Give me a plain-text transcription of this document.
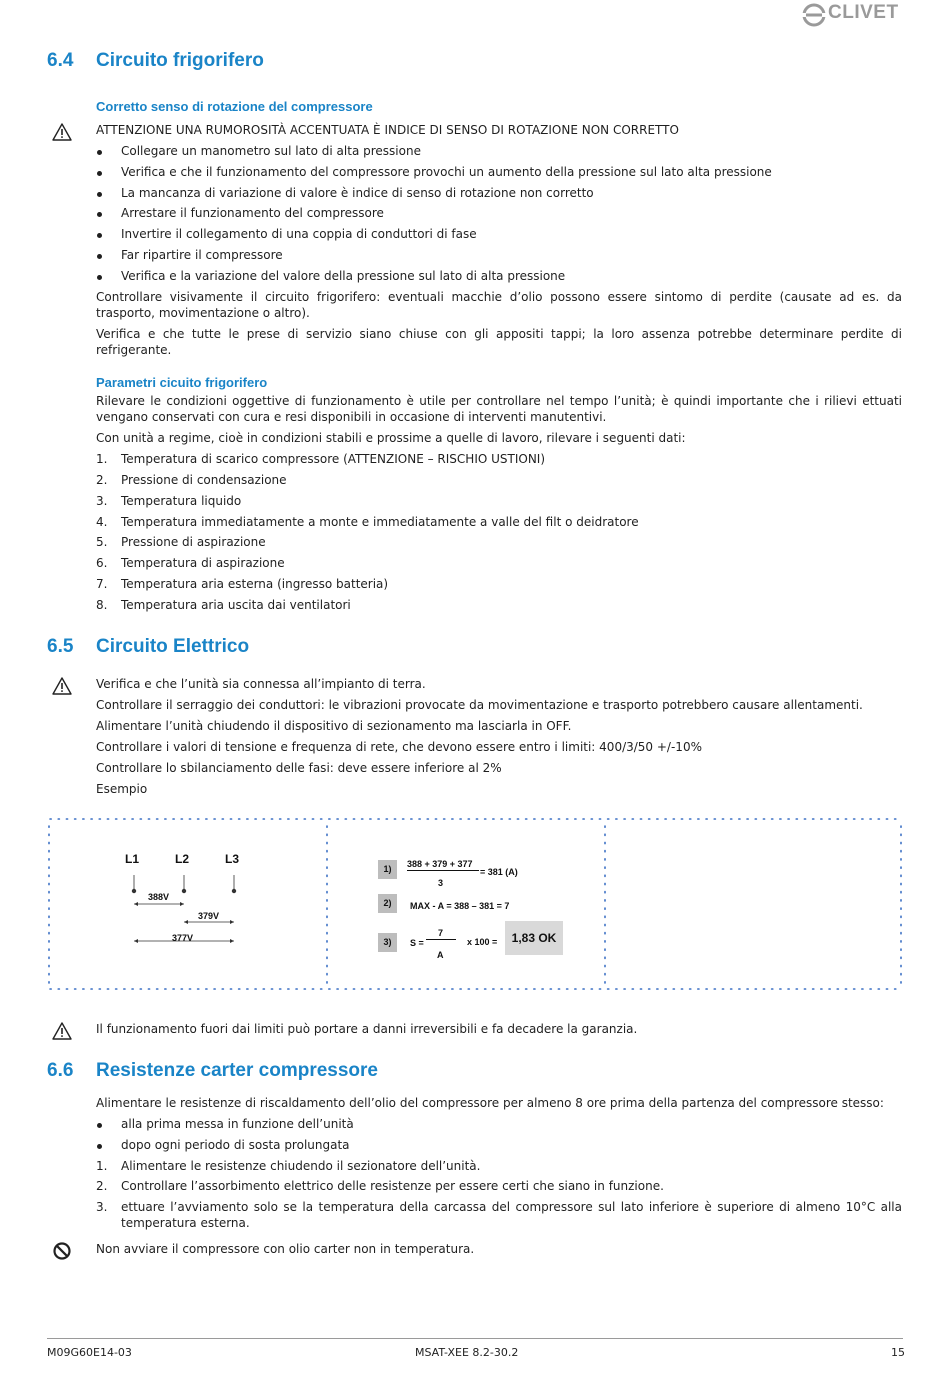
CLIVET
6.4 Circuito frigorifero
Corretto senso di rotazione del compressore
ATTENZIONE UNA RUMOROSITÀ ACCENTUATA È INDICE DI SENSO DI ROTAZIONE NON CORRETTO
Collegare un manometro sul lato di alta pressione
Verifica e che il funzionamento del compressore provochi un aumento della pressione sul lato alta pressione
La mancanza di variazione di valore è indice di senso di rotazione non corretto
Arrestare il funzionamento del compressore
Invertire il collegamento di una coppia di conduttori di fase
Far ripartire il compressore
Verifica e la variazione del valore della pressione sul lato di alta pressione
Controllare visivamente il circuito frigorifero: eventuali macchie d’olio possono essere sintomo di perdite (causate ad es. da trasporto, movimentazione o altro).
Verifica e che tutte le prese di servizio siano chiuse con gli appositi tappi; la loro assenza potrebbe determinare perdite di refrigerante.
Parametri cicuito frigorifero
Rilevare le condizioni oggettive di funzionamento è utile per controllare nel tempo l’unità; è quindi importante che i rilievi ettuati vengano conservati con cura e resi disponibili in occasione di interventi manutentivi.
Con unità a regime, cioè in condizioni stabili e prossime a quelle di lavoro, rilevare i seguenti dati:
1. Temperatura di scarico compressore (ATTENZIONE – RISCHIO USTIONI)
2. Pressione di condensazione
3. Temperatura liquido
4. Temperatura immediatamente a monte e immediatamente a valle del filt o deidratore
5. Pressione di aspirazione
6. Temperatura di aspirazione
7. Temperatura aria esterna (ingresso batteria)
8. Temperatura aria uscita dai ventilatori
6.5 Circuito Elettrico
Verifica e che l’unità sia connessa all’impianto di terra.
Controllare il serraggio dei conduttori: le vibrazioni provocate da movimentazione e trasporto potrebbero causare allentamenti.
Alimentare l’unità chiudendo il dispositivo di sezionamento ma lasciarla in OFF.
Controllare i valori di tensione e frequenza di rete, che devono essere entro i limiti: 400/3/50 +/-10%
Controllare lo sbilanciamento delle fasi: deve essere inferiore al 2%
Esempio
L1	L2	L3
388V
379V
377V
1)
2)
3)
388 + 379 + 377
3
= 381 (A)
MAX - A = 388 – 381 = 7
S =
7
A
x 100 =	1,83 OK
Il funzionamento fuori dai limiti può portare a danni irreversibili e fa decadere la garanzia.
6.6 Resistenze carter compressore
Alimentare le resistenze di riscaldamento dell’olio del compressore per almeno 8 ore prima della partenza del compressore stesso:
alla prima messa in funzione dell’unità
dopo ogni periodo di sosta prolungata
1. Alimentare le resistenze chiudendo il sezionatore dell’unità.
2. Controllare l’assorbimento elettrico delle resistenze per essere certi che siano in funzione.
3. ettuare l’avviamento solo se la temperatura della carcassa del compressore sul lato inferiore è superiore di almeno 10°C alla temperatura esterna.
Non avviare il compressore con olio carter non in temperatura.
M09G60E14-03	MSAT-XEE 8.2-30.2	15
